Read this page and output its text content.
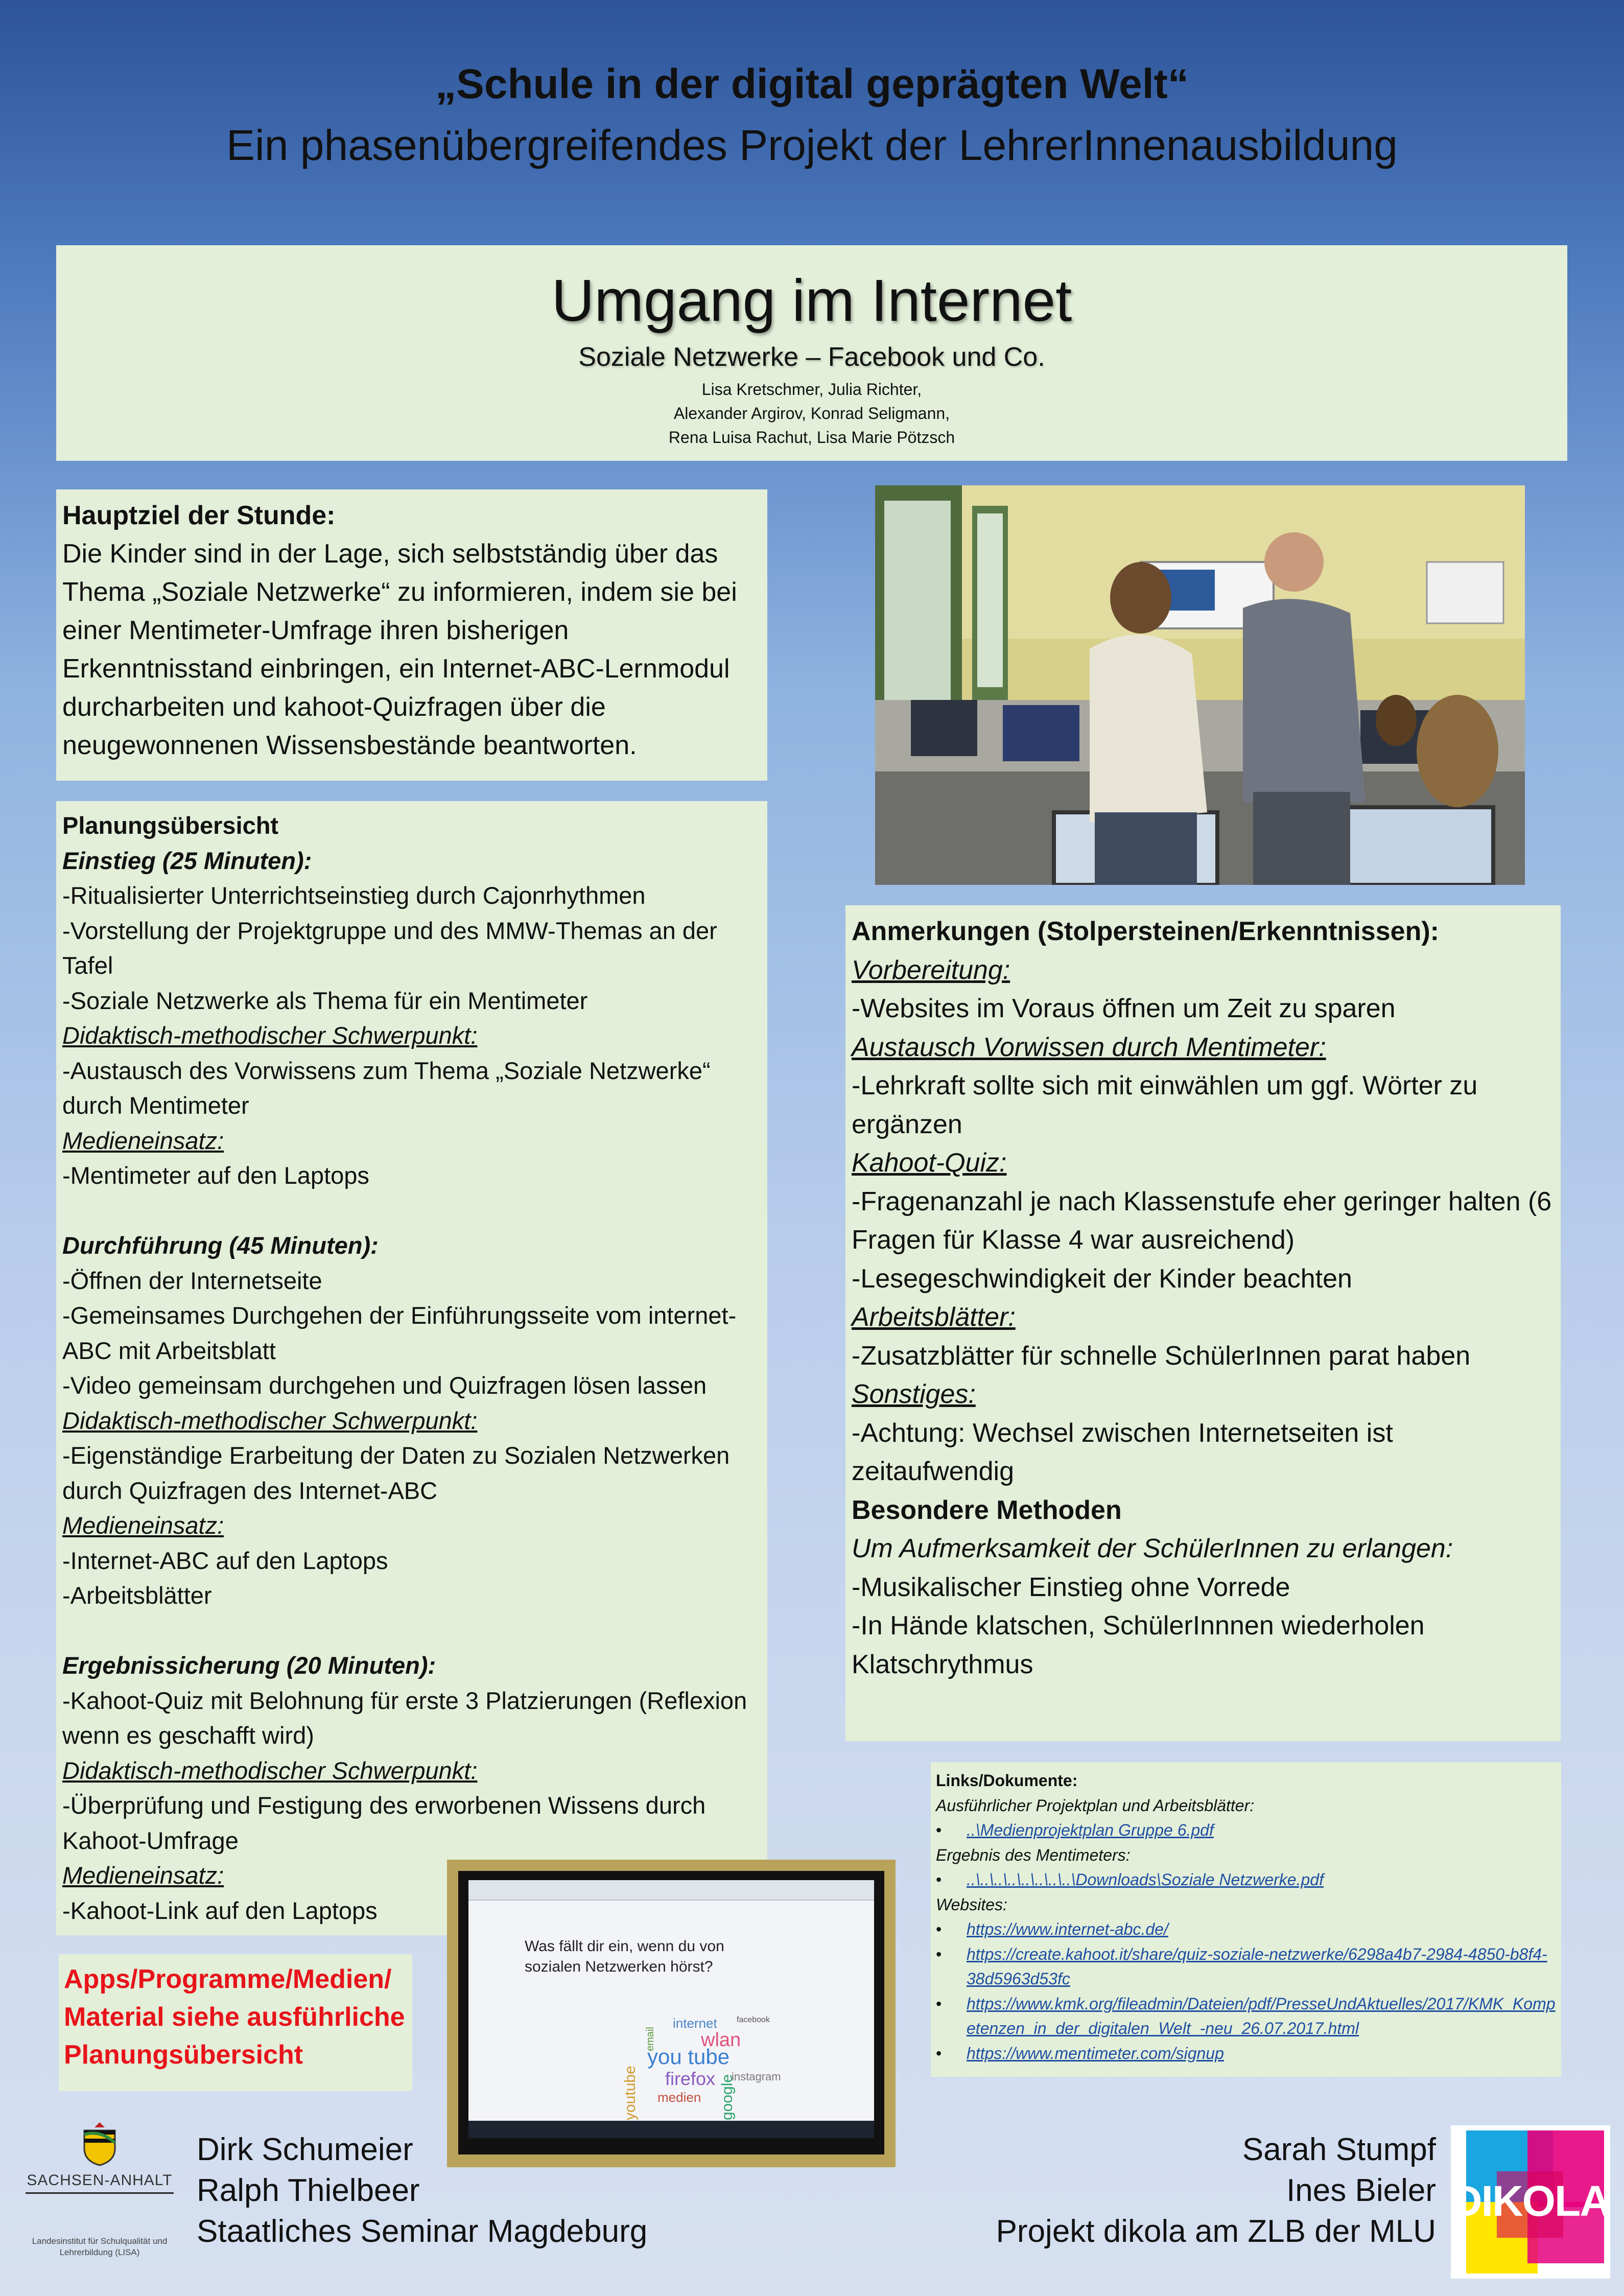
„Schule in der digital geprägten Welt“
Ein phasenübergreifendes Projekt der LehrerInnenausbildung
Umgang im Internet
Soziale Netzwerke – Facebook und Co.
Lisa Kretschmer, Julia Richter,
Alexander Argirov, Konrad Seligmann,
Rena Luisa Rachut, Lisa Marie Pötzsch
Hauptziel der Stunde:
Die Kinder sind in der Lage, sich selbstständig über das Thema „Soziale Netzwerke“ zu informieren, indem sie bei einer Mentimeter-Umfrage ihren bisherigen Erkenntnisstand einbringen, ein Internet-ABC-Lernmodul durcharbeiten und kahoot-Quizfragen über die neugewonnenen Wissensbestände beantworten.
Planungsübersicht
Einstieg (25 Minuten):
-Ritualisierter Unterrichtseinstieg durch Cajonrhythmen
-Vorstellung der Projektgruppe und des MMW-Themas an der Tafel
-Soziale Netzwerke als Thema für ein Mentimeter
Didaktisch-methodischer Schwerpunkt:
-Austausch des Vorwissens zum Thema „Soziale Netzwerke“ durch Mentimeter
Medieneinsatz:
-Mentimeter auf den Laptops
Durchführung (45 Minuten):
-Öffnen der Internetseite
-Gemeinsames Durchgehen der Einführungsseite vom internet-ABC mit Arbeitsblatt
-Video gemeinsam durchgehen und Quizfragen lösen lassen
Didaktisch-methodischer Schwerpunkt:
-Eigenständige Erarbeitung der Daten zu Sozialen Netzwerken durch Quizfragen des Internet-ABC
Medieneinsatz:
-Internet-ABC auf den Laptops
-Arbeitsblätter
Ergebnissicherung (20 Minuten):
-Kahoot-Quiz mit Belohnung für erste 3 Platzierungen (Reflexion wenn es geschafft wird)
Didaktisch-methodischer Schwerpunkt:
-Überprüfung und Festigung des erworbenen Wissens durch Kahoot-Umfrage
Medieneinsatz:
-Kahoot-Link auf den Laptops
Anmerkungen (Stolpersteinen/Erkenntnissen):
Vorbereitung:
-Websites im Voraus öffnen um Zeit zu sparen
Austausch Vorwissen durch Mentimeter:
-Lehrkraft sollte sich mit einwählen um ggf. Wörter zu ergänzen
Kahoot-Quiz:
-Fragenanzahl je nach Klassenstufe eher geringer halten (6 Fragen für Klasse 4 war ausreichend)
-Lesegeschwindigkeit der Kinder beachten
Arbeitsblätter:
-Zusatzblätter für schnelle SchülerInnen parat haben
Sonstiges:
-Achtung: Wechsel zwischen Internetseiten ist zeitaufwendig
Besondere Methoden
Um Aufmerksamkeit der SchülerInnen zu erlangen:
-Musikalischer Einstieg ohne Vorrede
-In Hände klatschen, SchülerInnnen wiederholen Klatschrythmus
Links/Dokumente:
Ausführlicher Projektplan und Arbeitsblätter:
• ..\Medienprojektplan Gruppe 6.pdf
Ergebnis des Mentimeters:
• ..\..\..\..\..\..\..\..\Downloads\Soziale Netzwerke.pdf
Websites:
• https://www.internet-abc.de/
• https://create.kahoot.it/share/quiz-soziale-netzwerke/6298a4b7-2984-4850-b8f4-38d5963d53fc
• https://www.kmk.org/fileadmin/Dateien/pdf/PresseUndAktuelles/2017/KMK_Kompetenzen_in_der_digitalen_Welt_-neu_26.07.2017.html
• https://www.mentimeter.com/signup
Apps/Programme/Medien/ Material siehe ausführliche Planungsübersicht
Was fällt dir ein, wenn du von sozialen Netzwerken hörst?
internet
wlan
you tube
firefox
youtube	google
medien
instagram
email
facebook
SACHSEN-ANHALT
Landesinstitut für Schulqualität und Lehrerbildung (LISA)
Dirk Schumeier
Ralph Thielbeer
Staatliches Seminar Magdeburg
Sarah Stumpf
Ines Bieler
Projekt dikola am ZLB der MLU
DIKOLA
